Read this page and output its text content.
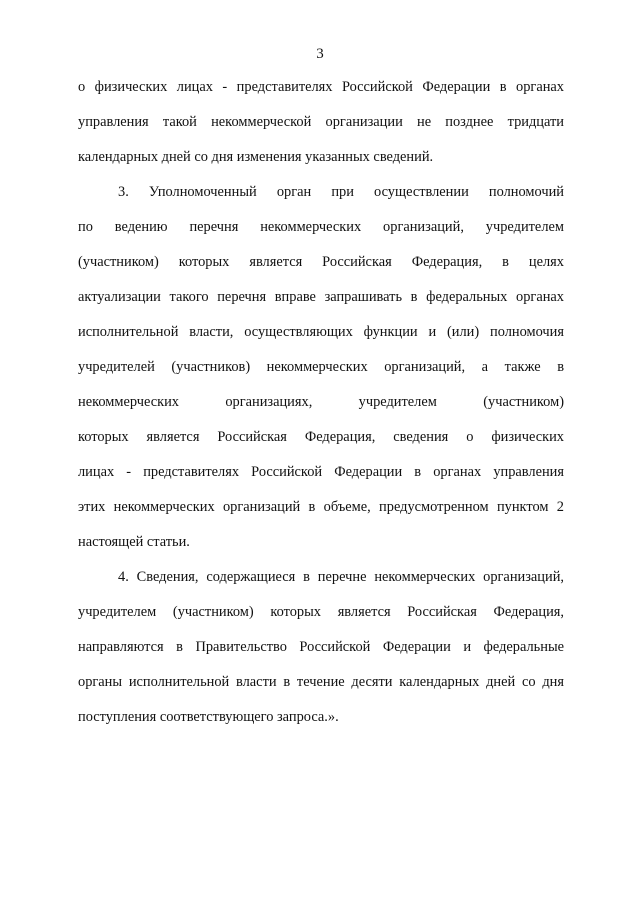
3
о физических лицах - представителях Российской Федерации в органах
управления такой некоммерческой организации не позднее тридцати
календарных дней со дня изменения указанных сведений.
3. Уполномоченный орган при осуществлении полномочий
по ведению перечня некоммерческих организаций, учредителем
(участником) которых является Российская Федерация, в целях
актуализации такого перечня вправе запрашивать в федеральных органах
исполнительной власти, осуществляющих функции и (или) полномочия
учредителей (участников) некоммерческих организаций, а также в
некоммерческих организациях, учредителем (участником)
которых является Российская Федерация, сведения о физических
лицах - представителях Российской Федерации в органах управления
этих некоммерческих организаций в объеме, предусмотренном пунктом 2
настоящей статьи.
4. Сведения, содержащиеся в перечне некоммерческих организаций,
учредителем (участником) которых является Российская Федерация,
направляются в Правительство Российской Федерации и федеральные
органы исполнительной власти в течение десяти календарных дней со дня
поступления соответствующего запроса.».
